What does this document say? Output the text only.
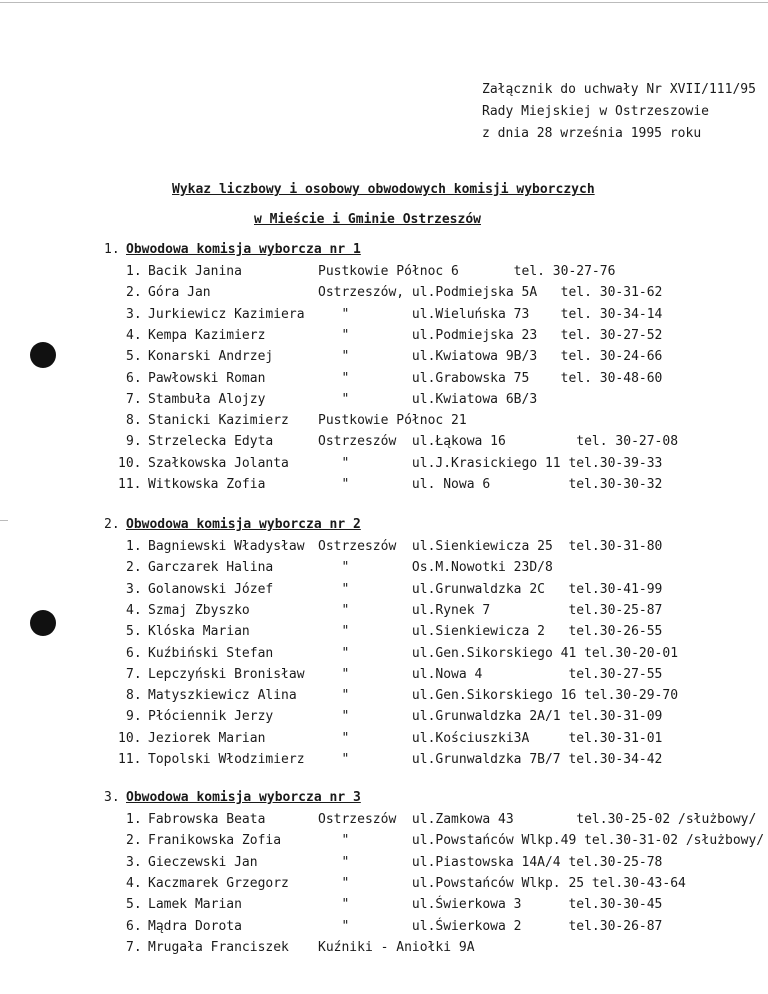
Załącznik do uchwały Nr XVII/111/95
Rady Miejskiej w Ostrzeszowie
z dnia 28 września 1995 roku
Wykaz liczbowy i osobowy obwodowych komisji wyborczych
w Mieście i Gminie Ostrzeszów
1. Obwodowa komisja wyborcza nr 1
1. Bacik Janina	Pustkowie Północ 6       tel. 30-27-76
2. Góra Jan	Ostrzeszów, ul.Podmiejska 5A   tel. 30-31-62
3. Jurkiewicz Kazimiera "        ul.Wieluńska 73    tel. 30-34-14
4. Kempa Kazimierz	"        ul.Podmiejska 23   tel. 30-27-52
5. Konarski Andrzej	"        ul.Kwiatowa 9B/3   tel. 30-24-66
6. Pawłowski Roman	"        ul.Grabowska 75    tel. 30-48-60
7. Stambuła Alojzy	"        ul.Kwiatowa 6B/3
8. Stanicki Kazimierz Pustkowie Północ 21
9. Strzelecka Edyta	Ostrzeszów  ul.Łąkowa 16         tel. 30-27-08
10. Szałkowska Jolanta "        ul.J.Krasickiego 11 tel.30-39-33
11. Witkowska Zofia	"        ul. Nowa 6          tel.30-30-32
2. Obwodowa komisja wyborcza nr 2
1. Bagniewski Władysław Ostrzeszów  ul.Sienkiewicza 25  tel.30-31-80
2. Garczarek Halina	"        Os.M.Nowotki 23D/8
3. Golanowski Józef	"        ul.Grunwaldzka 2C   tel.30-41-99
4. Szmaj Zbyszko	"        ul.Rynek 7          tel.30-25-87
5. Klóska Marian	"        ul.Sienkiewicza 2   tel.30-26-55
6. Kuźbiński Stefan	"        ul.Gen.Sikorskiego 41 tel.30-20-01
7. Lepczyński Bronisław "        ul.Nowa 4           tel.30-27-55
8. Matyszkiewicz Alina "        ul.Gen.Sikorskiego 16 tel.30-29-70
9. Płóciennik Jerzy	"        ul.Grunwaldzka 2A/1 tel.30-31-09
10. Jeziorek Marian	"        ul.Kościuszki3A     tel.30-31-01
11. Topolski Włodzimierz "        ul.Grunwaldzka 7B/7 tel.30-34-42
3. Obwodowa komisja wyborcza nr 3
1. Fabrowska Beata	Ostrzeszów  ul.Zamkowa 43        tel.30-25-02 /służbowy/
2. Franikowska Zofia	"        ul.Powstańców Wlkp.49 tel.30-31-02 /służbowy/
3. Gieczewski Jan	"        ul.Piastowska 14A/4 tel.30-25-78
4. Kaczmarek Grzegorz "        ul.Powstańców Wlkp. 25 tel.30-43-64
5. Lamek Marian	"        ul.Świerkowa 3      tel.30-30-45
6. Mądra Dorota	"        ul.Świerkowa 2      tel.30-26-87
7. Mrugała Franciszek Kuźniki - Aniołki 9A
